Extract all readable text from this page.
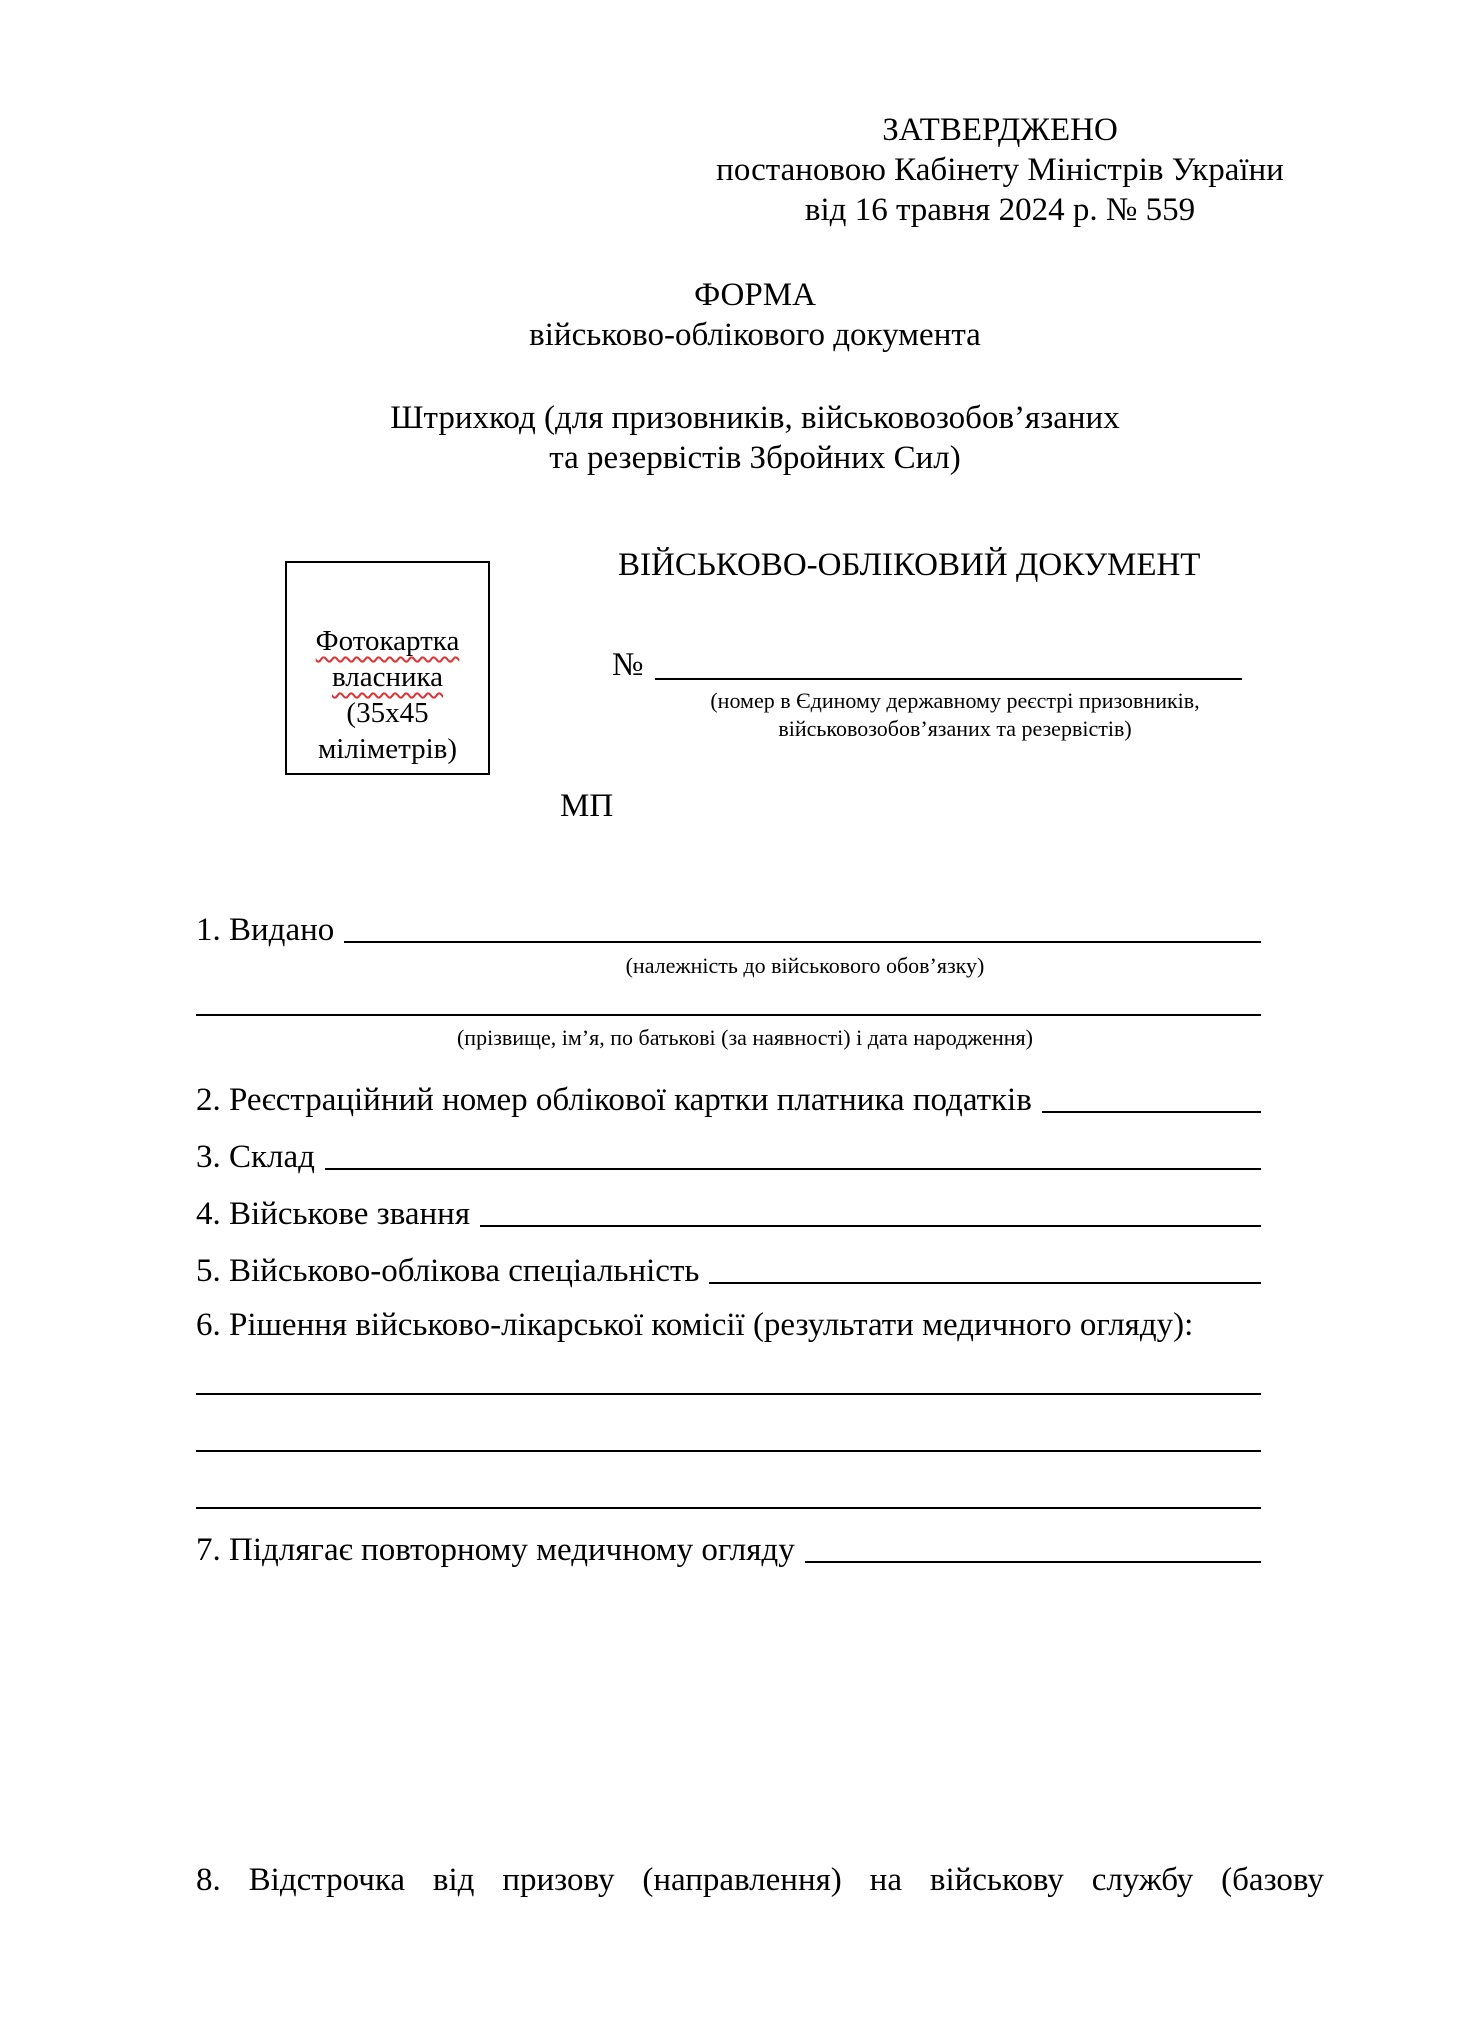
ЗАТВЕРДЖЕНО
постановою Кабінету Міністрів України
від 16 травня 2024 р. № 559
ФОРМА
військово-облікового документа
Штрихкод (для призовників, військовозобов’язаних
та резервістів Збройних Сил)
Фотокартка
власника
(35х45
міліметрів)
ВІЙСЬКОВО-ОБЛІКОВИЙ ДОКУМЕНТ
№
(номер в Єдиному державному реєстрі призовників,
військовозобов’язаних та резервістів)
МП
1. Видано
(належність до військового обов’язку)
(прізвище, ім’я, по батькові (за наявності) і дата народження)
2. Реєстраційний номер облікової картки платника податків
3. Склад
4. Військове звання
5. Військово-облікова спеціальність
6. Рішення військово-лікарської комісії (результати медичного огляду):
7. Підлягає повторному медичному огляду
8. Відстрочка від призову (направлення) на військову службу (базову
